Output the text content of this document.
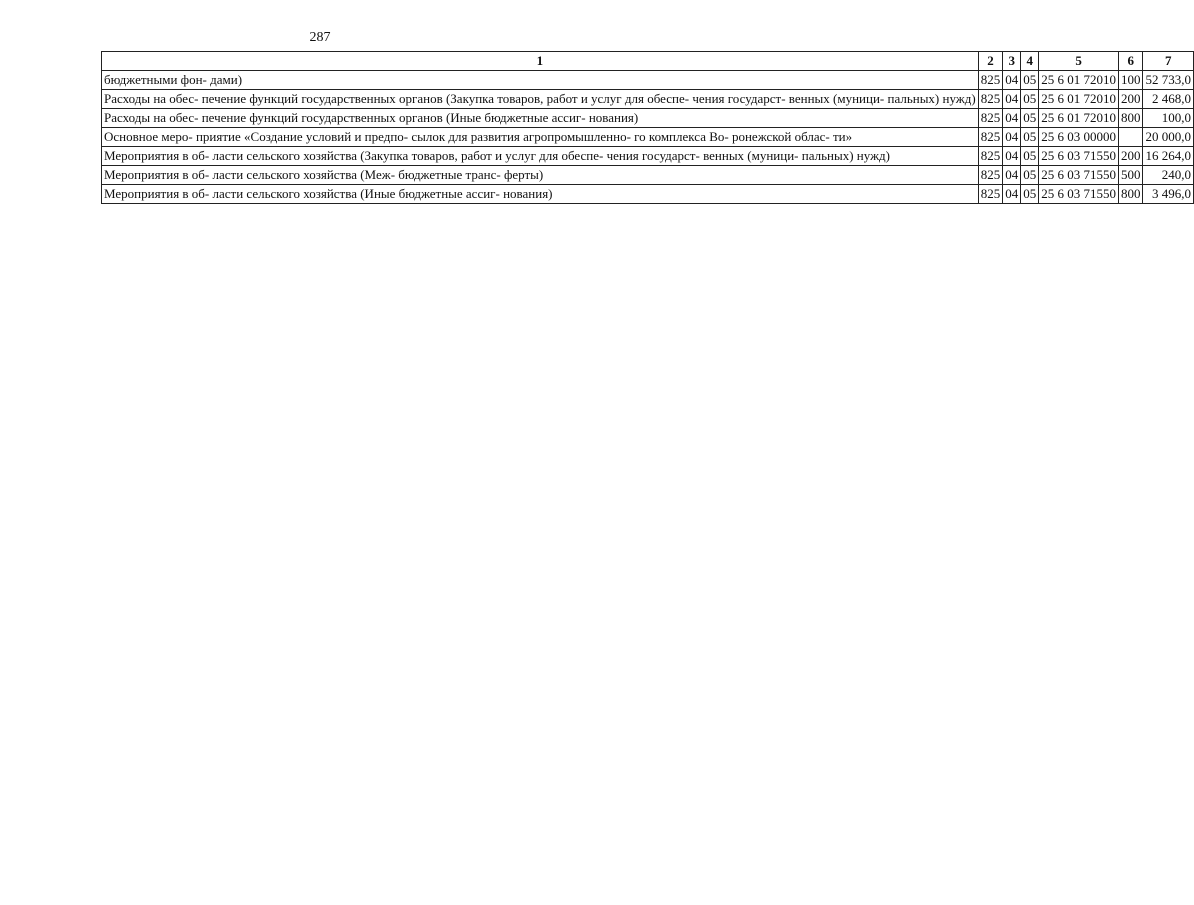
287
1	2	3	4	5	6	7
бюджетными фон- дами)	825	04	05	25 6 01 72010	100	52 733,0
Расходы на обес- печение функций государственных органов (Закупка товаров, работ и услуг для обеспе- чения государст- венных (муници- пальных) нужд)	825	04	05	25 6 01 72010	200	2 468,0
Расходы на обес- печение функций государственных органов (Иные бюджетные ассиг- нования)	825	04	05	25 6 01 72010	800	100,0
Основное меро- приятие «Создание условий и предпо- сылок для развития агропромышленно- го комплекса Во- ронежской облас- ти»	825	04	05	25 6 03 00000		20 000,0
Мероприятия в об- ласти сельского хозяйства (Закупка товаров, работ и услуг для обеспе- чения государст- венных (муници- пальных) нужд)	825	04	05	25 6 03 71550	200	16 264,0
Мероприятия в об- ласти сельского хозяйства (Меж- бюджетные транс- ферты)	825	04	05	25 6 03 71550	500	240,0
Мероприятия в об- ласти сельского хозяйства (Иные бюджетные ассиг- нования)	825	04	05	25 6 03 71550	800	3 496,0
